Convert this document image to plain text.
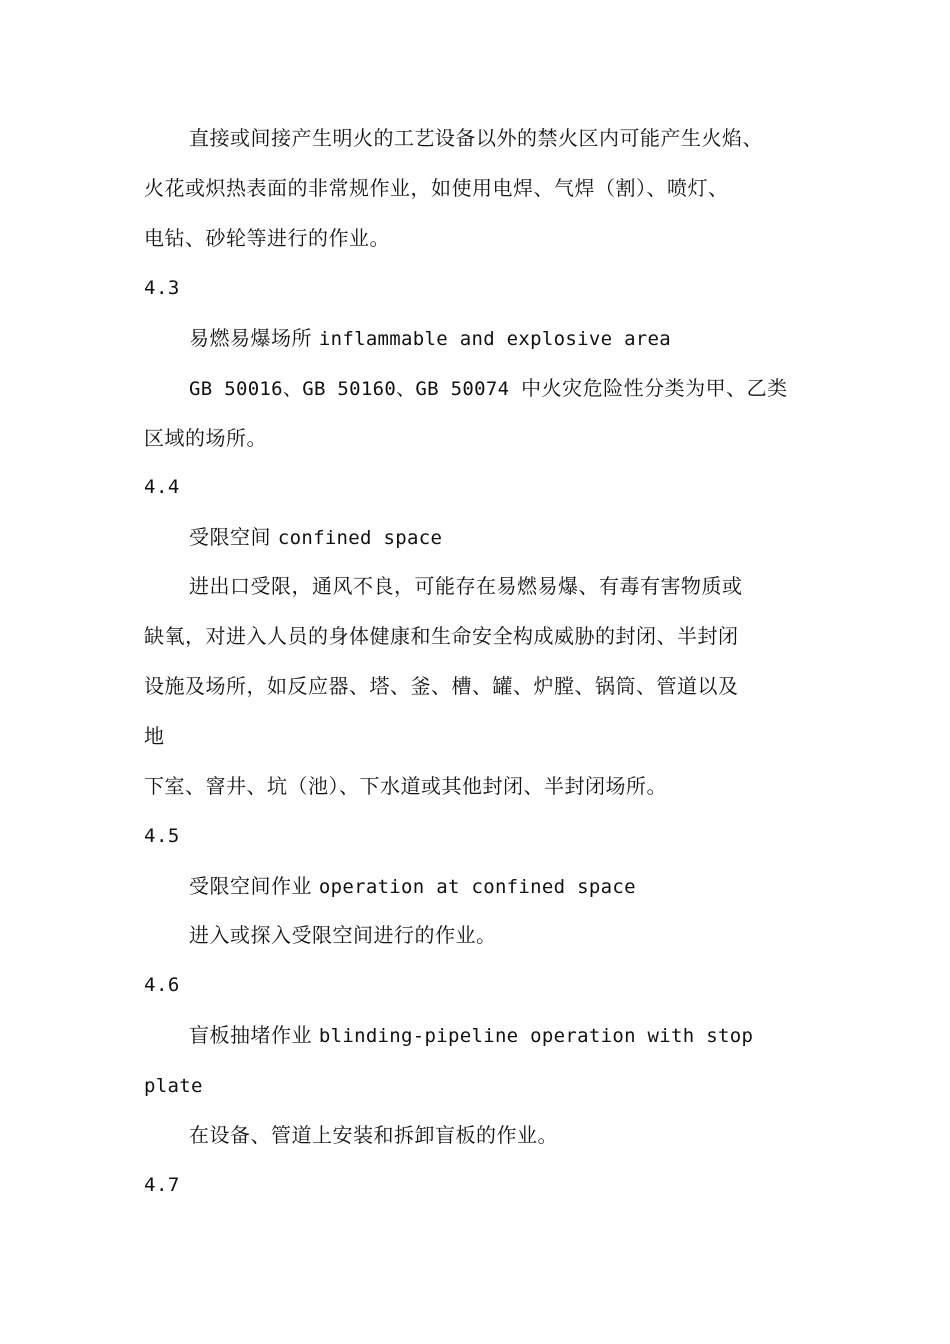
直接或间接产生明火的工艺设备以外的禁火区内可能产生火焰、
火花或炽热表面的非常规作业，如使用电焊、气焊（割）、喷灯、
电钻、砂轮等进行的作业。
4.3
易燃易爆场所 inflammable and explosive area
GB 50016、GB 50160、GB 50074 中火灾危险性分类为甲、乙类
区域的场所。
4.4
受限空间 confined space
进出口受限，通风不良，可能存在易燃易爆、有毒有害物质或
缺氧，对进入人员的身体健康和生命安全构成威胁的封闭、半封闭
设施及场所，如反应器、塔、釜、槽、罐、炉膛、锅筒、管道以及
地
下室、窨井、坑（池）、下水道或其他封闭、半封闭场所。
4.5
受限空间作业 operation at confined space
进入或探入受限空间进行的作业。
4.6
盲板抽堵作业 blinding-pipeline operation with stop
plate
在设备、管道上安装和拆卸盲板的作业。
4.7
